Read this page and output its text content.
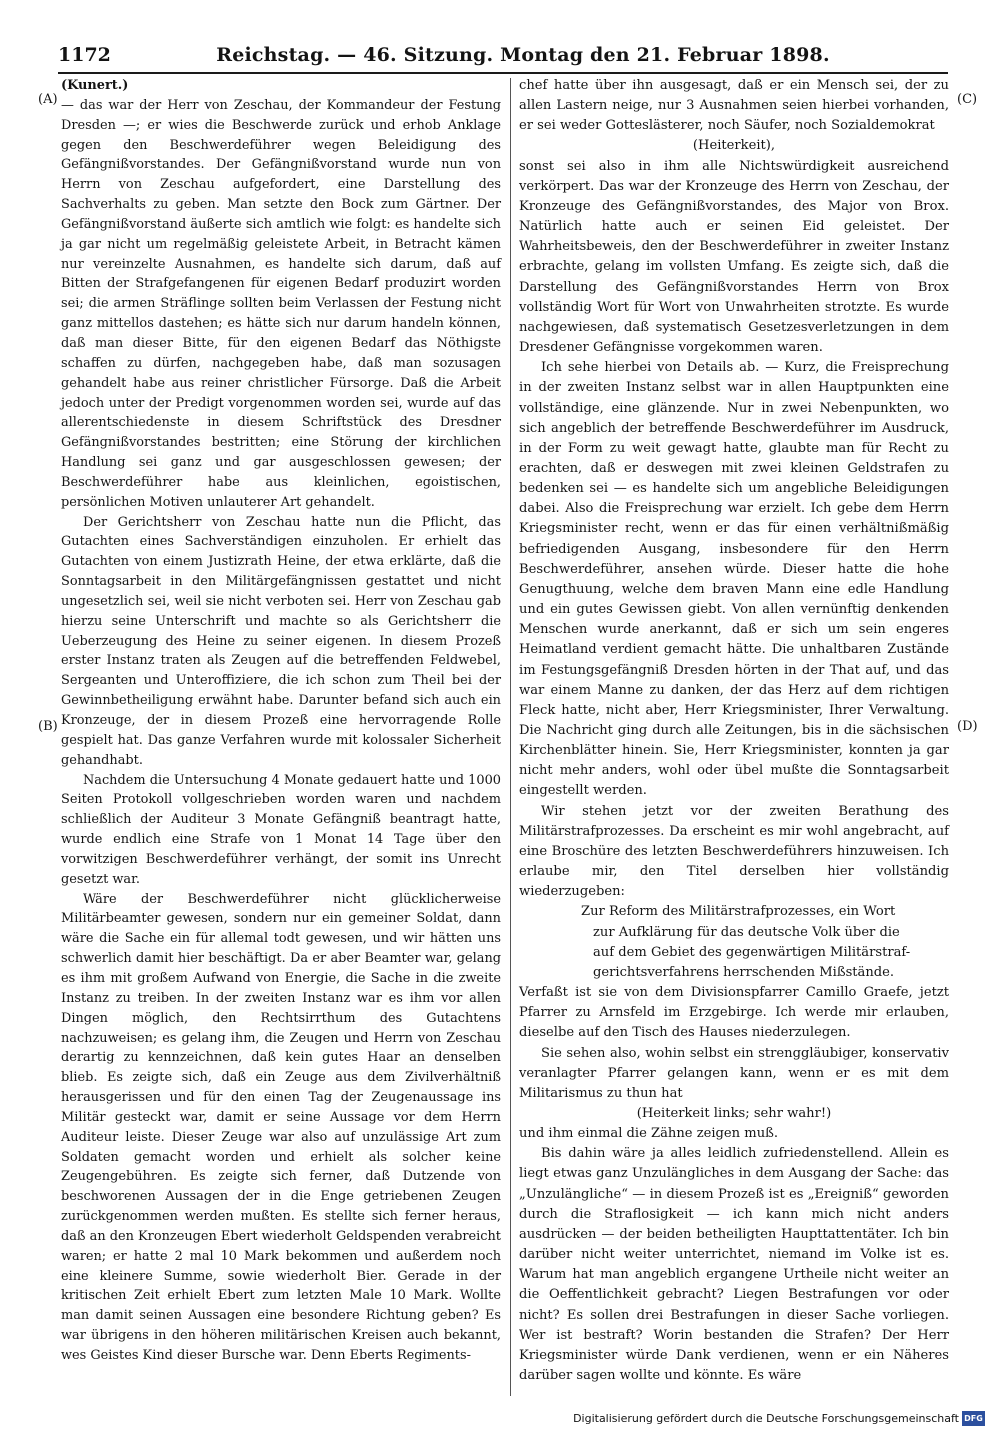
1172	Reichstag. — 46. Sitzung. Montag den 21. Februar 1898.
(A)
(B)
(C)
(D)

(Kunert.)

— das war der Herr von Zeschau, der Kommandeur der Festung Dresden —; er wies die Beschwerde zurück und erhob Anklage gegen den Beschwerdeführer wegen Beleidigung des Gefängnißvorstandes. Der Gefängnißvorstand wurde nun von Herrn von Zeschau aufgefordert, eine Darstellung des Sachverhalts zu geben. Man setzte den Bock zum Gärtner. Der Gefängnißvorstand äußerte sich amtlich wie folgt: es handelte sich ja gar nicht um regelmäßig geleistete Arbeit, in Betracht kämen nur vereinzelte Ausnahmen, es handelte sich darum, daß auf Bitten der Strafgefangenen für eigenen Bedarf produzirt worden sei; die armen Sträflinge sollten beim Verlassen der Festung nicht ganz mittellos dastehen; es hätte sich nur darum handeln können, daß man dieser Bitte, für den eigenen Bedarf das Nöthigste schaffen zu dürfen, nachgegeben habe, daß man sozusagen gehandelt habe aus reiner christlicher Fürsorge. Daß die Arbeit jedoch unter der Predigt vorgenommen worden sei, wurde auf das allerentschiedenste in diesem Schriftstück des Dresdner Gefängnißvorstandes bestritten; eine Störung der kirchlichen Handlung sei ganz und gar ausgeschlossen gewesen; der Beschwerdeführer habe aus kleinlichen, egoistischen, persönlichen Motiven unlauterer Art gehandelt.

Der Gerichtsherr von Zeschau hatte nun die Pflicht, das Gutachten eines Sachverständigen einzuholen. Er erhielt das Gutachten von einem Justizrath Heine, der etwa erklärte, daß die Sonntagsarbeit in den Militärgefängnissen gestattet und nicht ungesetzlich sei, weil sie nicht verboten sei. Herr von Zeschau gab hierzu seine Unterschrift und machte so als Gerichtsherr die Ueberzeugung des Heine zu seiner eigenen. In diesem Prozeß erster Instanz traten als Zeugen auf die betreffenden Feldwebel, Sergeanten und Unteroffiziere, die ich schon zum Theil bei der Gewinnbetheiligung erwähnt habe. Darunter befand sich auch ein Kronzeuge, der in diesem Prozeß eine hervorragende Rolle gespielt hat. Das ganze Verfahren wurde mit kolossaler Sicherheit gehandhabt.

Nachdem die Untersuchung 4 Monate gedauert hatte und 1000 Seiten Protokoll vollgeschrieben worden waren und nachdem schließlich der Auditeur 3 Monate Gefängniß beantragt hatte, wurde endlich eine Strafe von 1 Monat 14 Tage über den vorwitzigen Beschwerdeführer verhängt, der somit ins Unrecht gesetzt war.

Wäre der Beschwerdeführer nicht glücklicherweise Militärbeamter gewesen, sondern nur ein gemeiner Soldat, dann wäre die Sache ein für allemal todt gewesen, und wir hätten uns schwerlich damit hier beschäftigt. Da er aber Beamter war, gelang es ihm mit großem Aufwand von Energie, die Sache in die zweite Instanz zu treiben. In der zweiten Instanz war es ihm vor allen Dingen möglich, den Rechtsirrthum des Gutachtens nachzuweisen; es gelang ihm, die Zeugen und Herrn von Zeschau derartig zu kennzeichnen, daß kein gutes Haar an denselben blieb. Es zeigte sich, daß ein Zeuge aus dem Zivilverhältniß herausgerissen und für den einen Tag der Zeugenaussage ins Militär gesteckt war, damit er seine Aussage vor dem Herrn Auditeur leiste. Dieser Zeuge war also auf unzulässige Art zum Soldaten gemacht worden und erhielt als solcher keine Zeugengebühren. Es zeigte sich ferner, daß Dutzende von beschworenen Aussagen der in die Enge getriebenen Zeugen zurückgenommen werden mußten. Es stellte sich ferner heraus, daß an den Kronzeugen Ebert wiederholt Geldspenden verabreicht waren; er hatte 2 mal 10 Mark bekommen und außerdem noch eine kleinere Summe, sowie wiederholt Bier. Gerade in der kritischen Zeit erhielt Ebert zum letzten Male 10 Mark. Wollte man damit seinen Aussagen eine besondere Richtung geben? Es war übrigens in den höheren militärischen Kreisen auch bekannt, wes Geistes Kind dieser Bursche war. Denn Eberts Regiments-

chef hatte über ihn ausgesagt, daß er ein Mensch sei, der zu allen Lastern neige, nur 3 Ausnahmen seien hierbei vorhanden, er sei weder Gotteslästerer, noch Säufer, noch Sozialdemokrat

(Heiterkeit),

sonst sei also in ihm alle Nichtswürdigkeit ausreichend verkörpert. Das war der Kronzeuge des Herrn von Zeschau, der Kronzeuge des Gefängnißvorstandes, des Major von Brox. Natürlich hatte auch er seinen Eid geleistet. Der Wahrheitsbeweis, den der Beschwerdeführer in zweiter Instanz erbrachte, gelang im vollsten Umfang. Es zeigte sich, daß die Darstellung des Gefängnißvorstandes Herrn von Brox vollständig Wort für Wort von Unwahrheiten strotzte. Es wurde nachgewiesen, daß systematisch Gesetzesverletzungen in dem Dresdener Gefängnisse vorgekommen waren.

Ich sehe hierbei von Details ab. — Kurz, die Freisprechung in der zweiten Instanz selbst war in allen Hauptpunkten eine vollständige, eine glänzende. Nur in zwei Nebenpunkten, wo sich angeblich der betreffende Beschwerdeführer im Ausdruck, in der Form zu weit gewagt hatte, glaubte man für Recht zu erachten, daß er deswegen mit zwei kleinen Geldstrafen zu bedenken sei — es handelte sich um angebliche Beleidigungen dabei. Also die Freisprechung war erzielt. Ich gebe dem Herrn Kriegsminister recht, wenn er das für einen verhältnißmäßig befriedigenden Ausgang, insbesondere für den Herrn Beschwerdeführer, ansehen würde. Dieser hatte die hohe Genugthuung, welche dem braven Mann eine edle Handlung und ein gutes Gewissen giebt. Von allen vernünftig denkenden Menschen wurde anerkannt, daß er sich um sein engeres Heimatland verdient gemacht hätte. Die unhaltbaren Zustände im Festungsgefängniß Dresden hörten in der That auf, und das war einem Manne zu danken, der das Herz auf dem richtigen Fleck hatte, nicht aber, Herr Kriegsminister, Ihrer Verwaltung. Die Nachricht ging durch alle Zeitungen, bis in die sächsischen Kirchenblätter hinein. Sie, Herr Kriegsminister, konnten ja gar nicht mehr anders, wohl oder übel mußte die Sonntagsarbeit eingestellt werden.

Wir stehen jetzt vor der zweiten Berathung des Militärstrafprozesses. Da erscheint es mir wohl angebracht, auf eine Broschüre des letzten Beschwerdeführers hinzuweisen. Ich erlaube mir, den Titel derselben hier vollständig wiederzugeben:

Zur Reform des Militärstrafprozesses, ein Wort
zur Aufklärung für das deutsche Volk über die
auf dem Gebiet des gegenwärtigen Militärstraf-
gerichtsverfahrens herrschenden Mißstände.

Verfaßt ist sie von dem Divisionspfarrer Camillo Graefe, jetzt Pfarrer zu Arnsfeld im Erzgebirge. Ich werde mir erlauben, dieselbe auf den Tisch des Hauses niederzulegen.

Sie sehen also, wohin selbst ein strenggläubiger, konservativ veranlagter Pfarrer gelangen kann, wenn er es mit dem Militarismus zu thun hat

(Heiterkeit links; sehr wahr!)

und ihm einmal die Zähne zeigen muß.

Bis dahin wäre ja alles leidlich zufriedenstellend. Allein es liegt etwas ganz Unzulängliches in dem Ausgang der Sache: das „Unzulängliche“ — in diesem Prozeß ist es „Ereigniß“ geworden durch die Straflosigkeit — ich kann mich nicht anders ausdrücken — der beiden betheiligten Haupttattentäter. Ich bin darüber nicht weiter unterrichtet, niemand im Volke ist es. Warum hat man angeblich ergangene Urtheile nicht weiter an die Oeffentlichkeit gebracht? Liegen Bestrafungen vor oder nicht? Es sollen drei Bestrafungen in dieser Sache vorliegen. Wer ist bestraft? Worin bestanden die Strafen? Der Herr Kriegsminister würde Dank verdienen, wenn er ein Näheres darüber sagen wollte und könnte. Es wäre

Digitalisierung gefördert durch die Deutsche Forschungsgemeinschaft DFG
